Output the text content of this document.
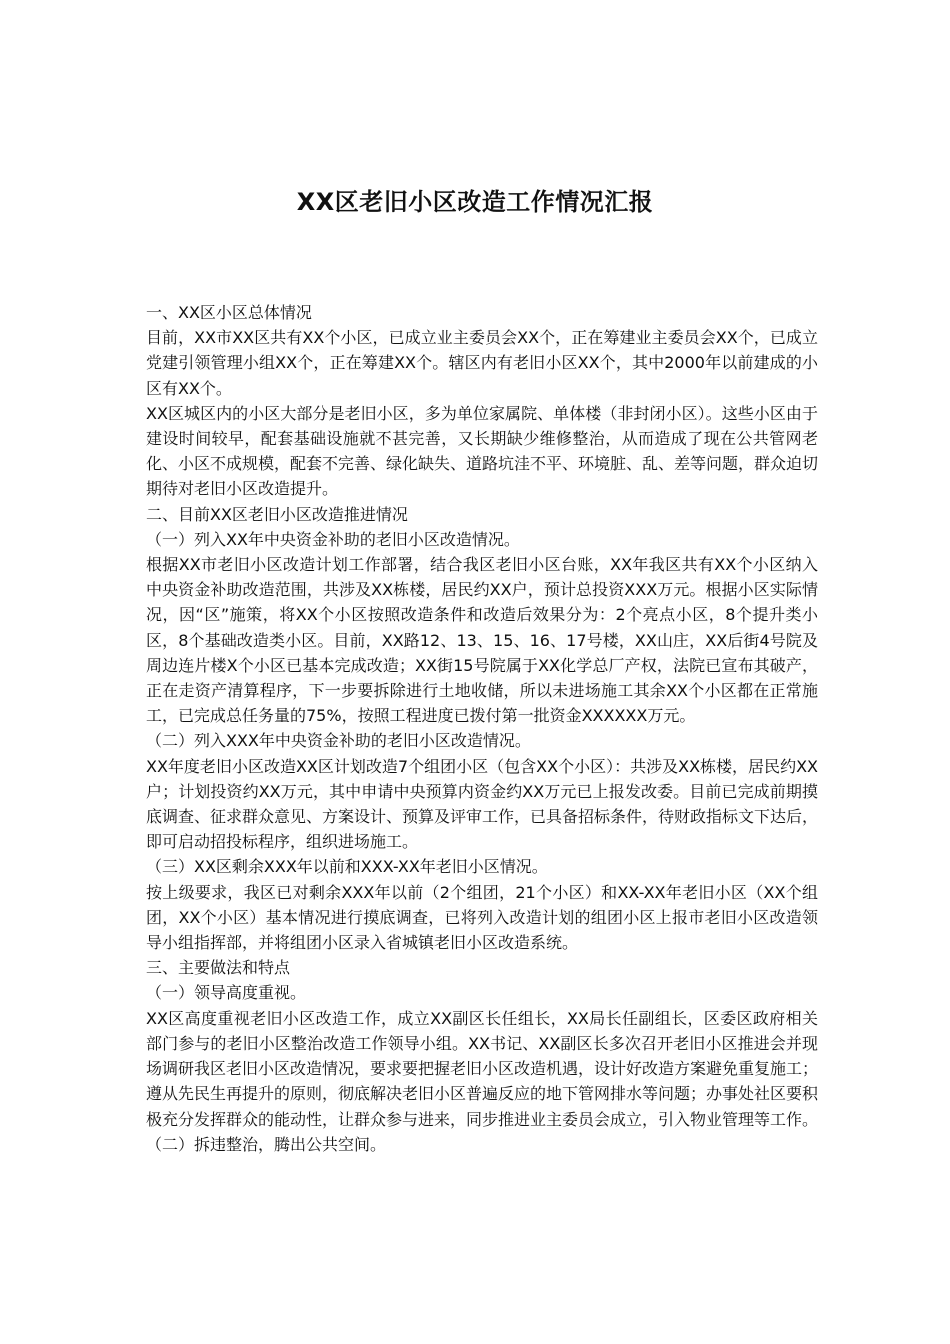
XX区老旧小区改造工作情况汇报

一、XX区小区总体情况

目前，XX市XX区共有XX个小区，已成立业主委员会XX个，正在筹建业主委员会XX个，已成立党建引领管理小组XX个，正在筹建XX个。辖区内有老旧小区XX个，其中2000年以前建成的小区有XX个。

XX区城区内的小区大部分是老旧小区，多为单位家属院、单体楼（非封闭小区）。这些小区由于建设时间较早，配套基础设施就不甚完善，又长期缺少维修整治，从而造成了现在公共管网老化、小区不成规模，配套不完善、绿化缺失、道路坑洼不平、环境脏、乱、差等问题，群众迫切期待对老旧小区改造提升。

二、目前XX区老旧小区改造推进情况

（一）列入XX年中央资金补助的老旧小区改造情况。

根据XX市老旧小区改造计划工作部署，结合我区老旧小区台账，XX年我区共有XX个小区纳入中央资金补助改造范围，共涉及XX栋楼，居民约XX户，预计总投资XXX万元。根据小区实际情况，因“区”施策，将XX个小区按照改造条件和改造后效果分为：2个亮点小区，8个提升类小区，8个基础改造类小区。目前，XX路12、13、15、16、17号楼，XX山庄，XX后街4号院及周边连片楼X个小区已基本完成改造；XX街15号院属于XX化学总厂产权，法院已宣布其破产，正在走资产清算程序，下一步要拆除进行土地收储，所以未进场施工其余XX个小区都在正常施工，已完成总任务量的75%，按照工程进度已拨付第一批资金XXXXXX万元。

（二）列入XXX年中央资金补助的老旧小区改造情况。

XX年度老旧小区改造XX区计划改造7个组团小区（包含XX个小区）：共涉及XX栋楼，居民约XX户；计划投资约XX万元，其中申请中央预算内资金约XX万元已上报发改委。目前已完成前期摸底调查、征求群众意见、方案设计、预算及评审工作，已具备招标条件，待财政指标文下达后，即可启动招投标程序，组织进场施工。

（三）XX区剩余XXX年以前和XXX-XX年老旧小区情况。

按上级要求，我区已对剩余XXX年以前（2个组团，21个小区）和XX-XX年老旧小区（XX个组团，XX个小区）基本情况进行摸底调查，已将列入改造计划的组团小区上报市老旧小区改造领导小组指挥部，并将组团小区录入省城镇老旧小区改造系统。

三、主要做法和特点

（一）领导高度重视。

XX区高度重视老旧小区改造工作，成立XX副区长任组长，XX局长任副组长，区委区政府相关部门参与的老旧小区整治改造工作领导小组。XX书记、XX副区长多次召开老旧小区推进会并现场调研我区老旧小区改造情况，要求要把握老旧小区改造机遇，设计好改造方案避免重复施工；遵从先民生再提升的原则，彻底解决老旧小区普遍反应的地下管网排水等问题；办事处社区要积极充分发挥群众的能动性，让群众参与进来，同步推进业主委员会成立，引入物业管理等工作。

（二）拆违整治，腾出公共空间。
